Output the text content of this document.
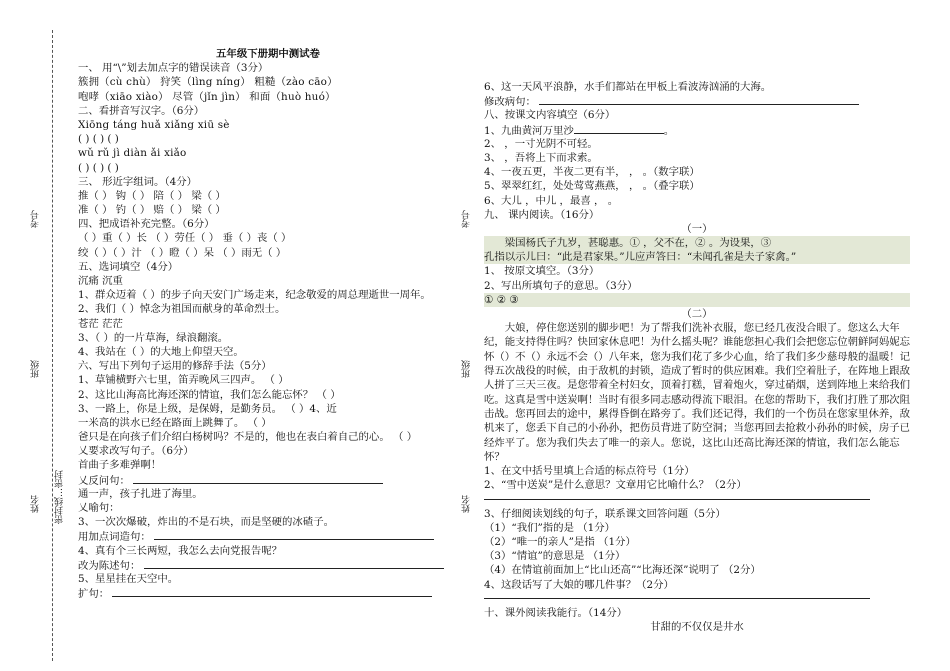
考号
班级
姓名 密封线…密封
考号
班级
姓名
五年级下册期中测试卷
一、 用“\”划去加点字的错误读音（3分）
簇拥（cù chù） 狩笑（lìng níng） 粗糙（zào cāo）
咆哮（xiāo xiào） 尽管（jǐn jìn） 和面（huò huó）
二、看拼音写汉字。（6分）
Xiōng táng huǎ xiǎng xiū sè
( ) ( ) ( )
wǔ rǔ jì diàn ǎi xiǎo
( ) ( ) ( )
三、 形近字组词。（4分）
推（ ） 钩（ ） 陪（ ） 梁（ ）
准（ ） 钓（ ） 赔（ ） 梁（ ）
四、把成语补充完整。（6分）
（ ）重（ ）长 （ ）劳任（ ） 垂（ ）丧（ ）
绞（ ）（ ）汁 （ ）瞪（ ）呆 （ ）雨无（ ）
五、选词填空（4分）
沉痛 沉重
1、群众迈着（ ）的步子向天安门广场走来，纪念敬爱的周总理逝世一周年。
2、我们（ ）悼念为祖国而献身的革命烈士。
苍茫 茫茫
3、（ ）的一片草海，绿浪翻滚。
4、我站在（ ）的大地上仰望天空。
六、写出下列句子运用的修辞手法（5分）
1、草铺横野六七里，笛弄晚风三四声。 （ ）
2、这比山海高比海还深的情谊，我们怎么能忘怀？ （ ）
3、一路上，你是上级，是保姆，是勤务员。 （ ）4、近
一米高的洪水已经在路面上跳舞了。 （ ）
爸只是在向孩子们介绍白杨树吗？不是的，他也在表白着自己的心。 （ ）
乂要求改写句子。（6分）
首曲子多难弹啊！
乂反问句：
通一声，孩子扎进了海里。
乂喻句：
3、一次次爆破，炸出的不是石块，而是坚硬的冰碴子。
用加点词造句：
4、真有个三长两短，我怎么去向党报告呢？
改为陈述句：
5、星星挂在天空中。
扩句：
6、这一天风平浪静，水手们都站在甲板上看波涛汹涌的大海。
修改病句：
八、按课文内容填空（6分）
1、九曲黄河万里沙	。
2、 ，一寸光阴不可轻。
3、 ，吾将上下而求索。
4、一夜五更，半夜二更有半， ， 。（数字联）
5、翠翠红红，处处莺莺燕燕， ， 。（叠字联）
6、大儿 ，中儿 ，最喜 ， 。
九、 课内阅读。（16分）
（一）
梁国杨氏子九岁，甚聪惠。① ，父不在，② 。为设果，③
孔指以示儿曰：“此是君家果。”儿应声答曰：“未闻孔雀是夫子家禽。”
1、 按原文填空。（3分）
2、写出所填句子的意思。（3分）
① ② ③
（二）
大娘，停住您送别的脚步吧！为了帮我们洗补衣服，您已经几夜没合眼了。您这么大年纪，能支持得住吗？快回家休息吧！为什么摇头呢？谁能您担心我们会把您忘位朝鲜阿妈妮忘怀（）不（）永远不会（）八年来，您为我们花了多少心血，给了我们多少慈母般的温暖！记得五次战役的时候，由于敌机的封锁，造成了暂时的供应困难。我们空着肚子，在阵地上跟敌人拼了三天三夜。是您带着全村妇女，顶着打糕，冒着炮火，穿过硝烟，送到阵地上来给我们吃。这真是雪中送炭啊！当时有很多同志感动得流下眼泪。在您的帮助下，我们打胜了那次阻击战。您再回去的途中，累得昏倒在路旁了。我们还记得，我们的一个伤员在您家里休养，敌机来了，您丢下自己的小孙孙，把伤员背进了防空洞；当您再回去抢救小孙孙的时候，房子已经炸平了。您为我们失去了唯一的亲人。您说，这比山还高比海还深的情谊，我们怎么能忘怀？
1、在文中括号里填上合适的标点符号（1分）
2、“雪中送炭”是什么意思？文章用它比喻什么？（2分）
3、仔细阅读划线的句子，联系课文回答问题（5分）
（1）“我们”指的是 （1分）
（2）“唯一的亲人”是指 （1分）
（3）“情谊”的意思是 （1分）
（4）在情谊前面加上“比山还高”“比海还深”说明了 （2分）
4、这段话写了大娘的哪几件事？（2分）
十、课外阅读我能行。（14分）
甘甜的不仅仅是井水
